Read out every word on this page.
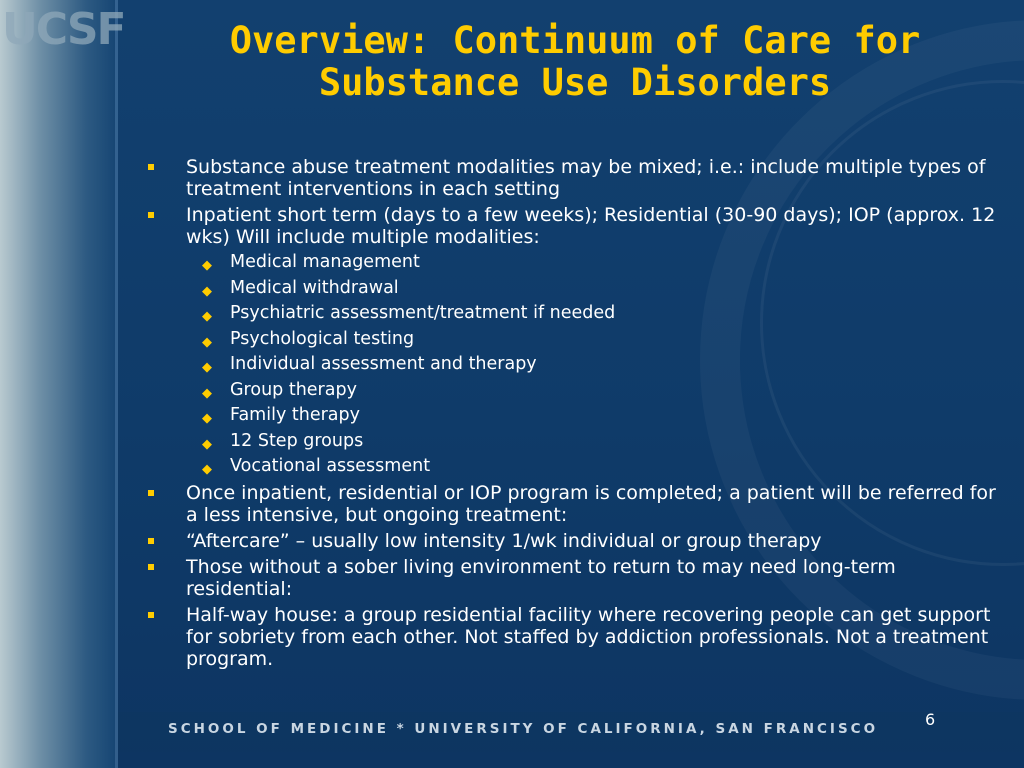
UCSF	Overview: Continuum of Care for Substance Use Disorders
Substance abuse treatment modalities may be mixed; i.e.: include multiple types of treatment interventions in each setting
Inpatient short term (days to a few weeks); Residential (30-90 days); IOP (approx. 12 wks) Will include multiple modalities:
◆ Medical management
◆ Medical withdrawal
◆ Psychiatric assessment/treatment if needed
◆ Psychological testing
◆ Individual assessment and therapy
◆ Group therapy
◆ Family therapy
◆ 12 Step groups
◆ Vocational assessment
Once inpatient, residential or IOP program is completed; a patient will be referred for a less intensive, but ongoing treatment:
“Aftercare” – usually low intensity 1/wk individual or group therapy
Those without a sober living environment to return to may need long-term residential:
Half-way house: a group residential facility where recovering people can get support for sobriety from each other. Not staffed by addiction professionals. Not a treatment program.
SCHOOL OF MEDICINE * UNIVERSITY OF CALIFORNIA, SAN FRANCISCO	6
